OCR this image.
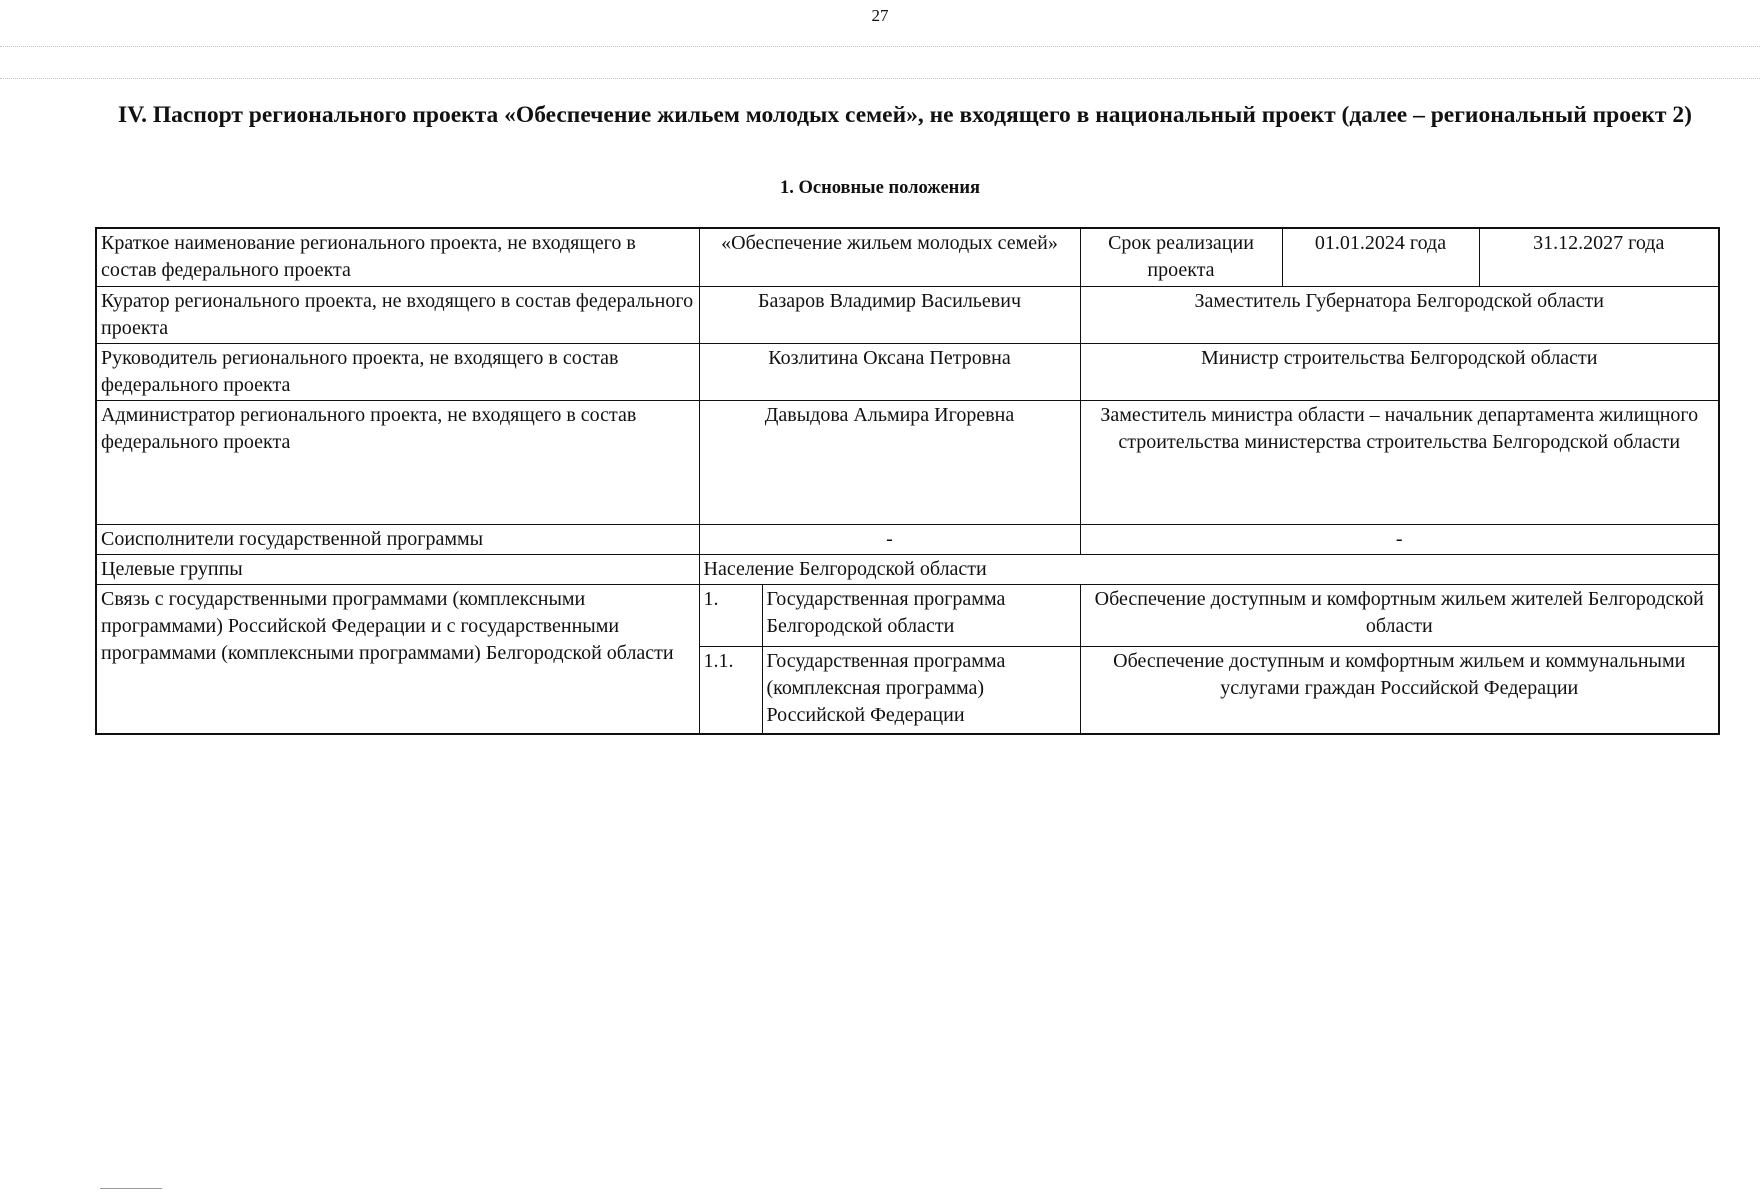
27
IV. Паспорт регионального проекта «Обеспечение жильем молодых семей», не входящего в национальный проект (далее – региональный проект 2)
1. Основные положения
Краткое наименование регионального проекта, не входящего в состав федерального проекта	«Обеспечение жильем молодых семей»		Срок реализации проекта	01.01.2024 года	31.12.2027 года
Куратор регионального проекта, не входящего в состав федерального проекта	Базаров Владимир Васильевич		Заместитель Губернатора Белгородской области		
Руководитель регионального проекта, не входящего в состав федерального проекта	Козлитина Оксана Петровна		Министр строительства Белгородской области		
Администратор регионального проекта, не входящего в состав федерального проекта	Давыдова Альмира Игоревна		Заместитель министра области – начальник департамента жилищного строительства министерства строительства Белгородской области		
Соисполнители государственной программы	-		-		
Целевые группы	Население Белгородской области				
Связь с государственными программами (комплексными программами) Российской Федерации и с государственными программами (комплексными программами) Белгородской области	1.	Государственная программа Белгородской области	Обеспечение доступным и комфортным жильем жителей Белгородской области		
	1.1.	Государственная программа (комплексная программа) Российской Федерации	Обеспечение доступным и комфортным жильем и коммунальными услугами граждан Российской Федерации		
